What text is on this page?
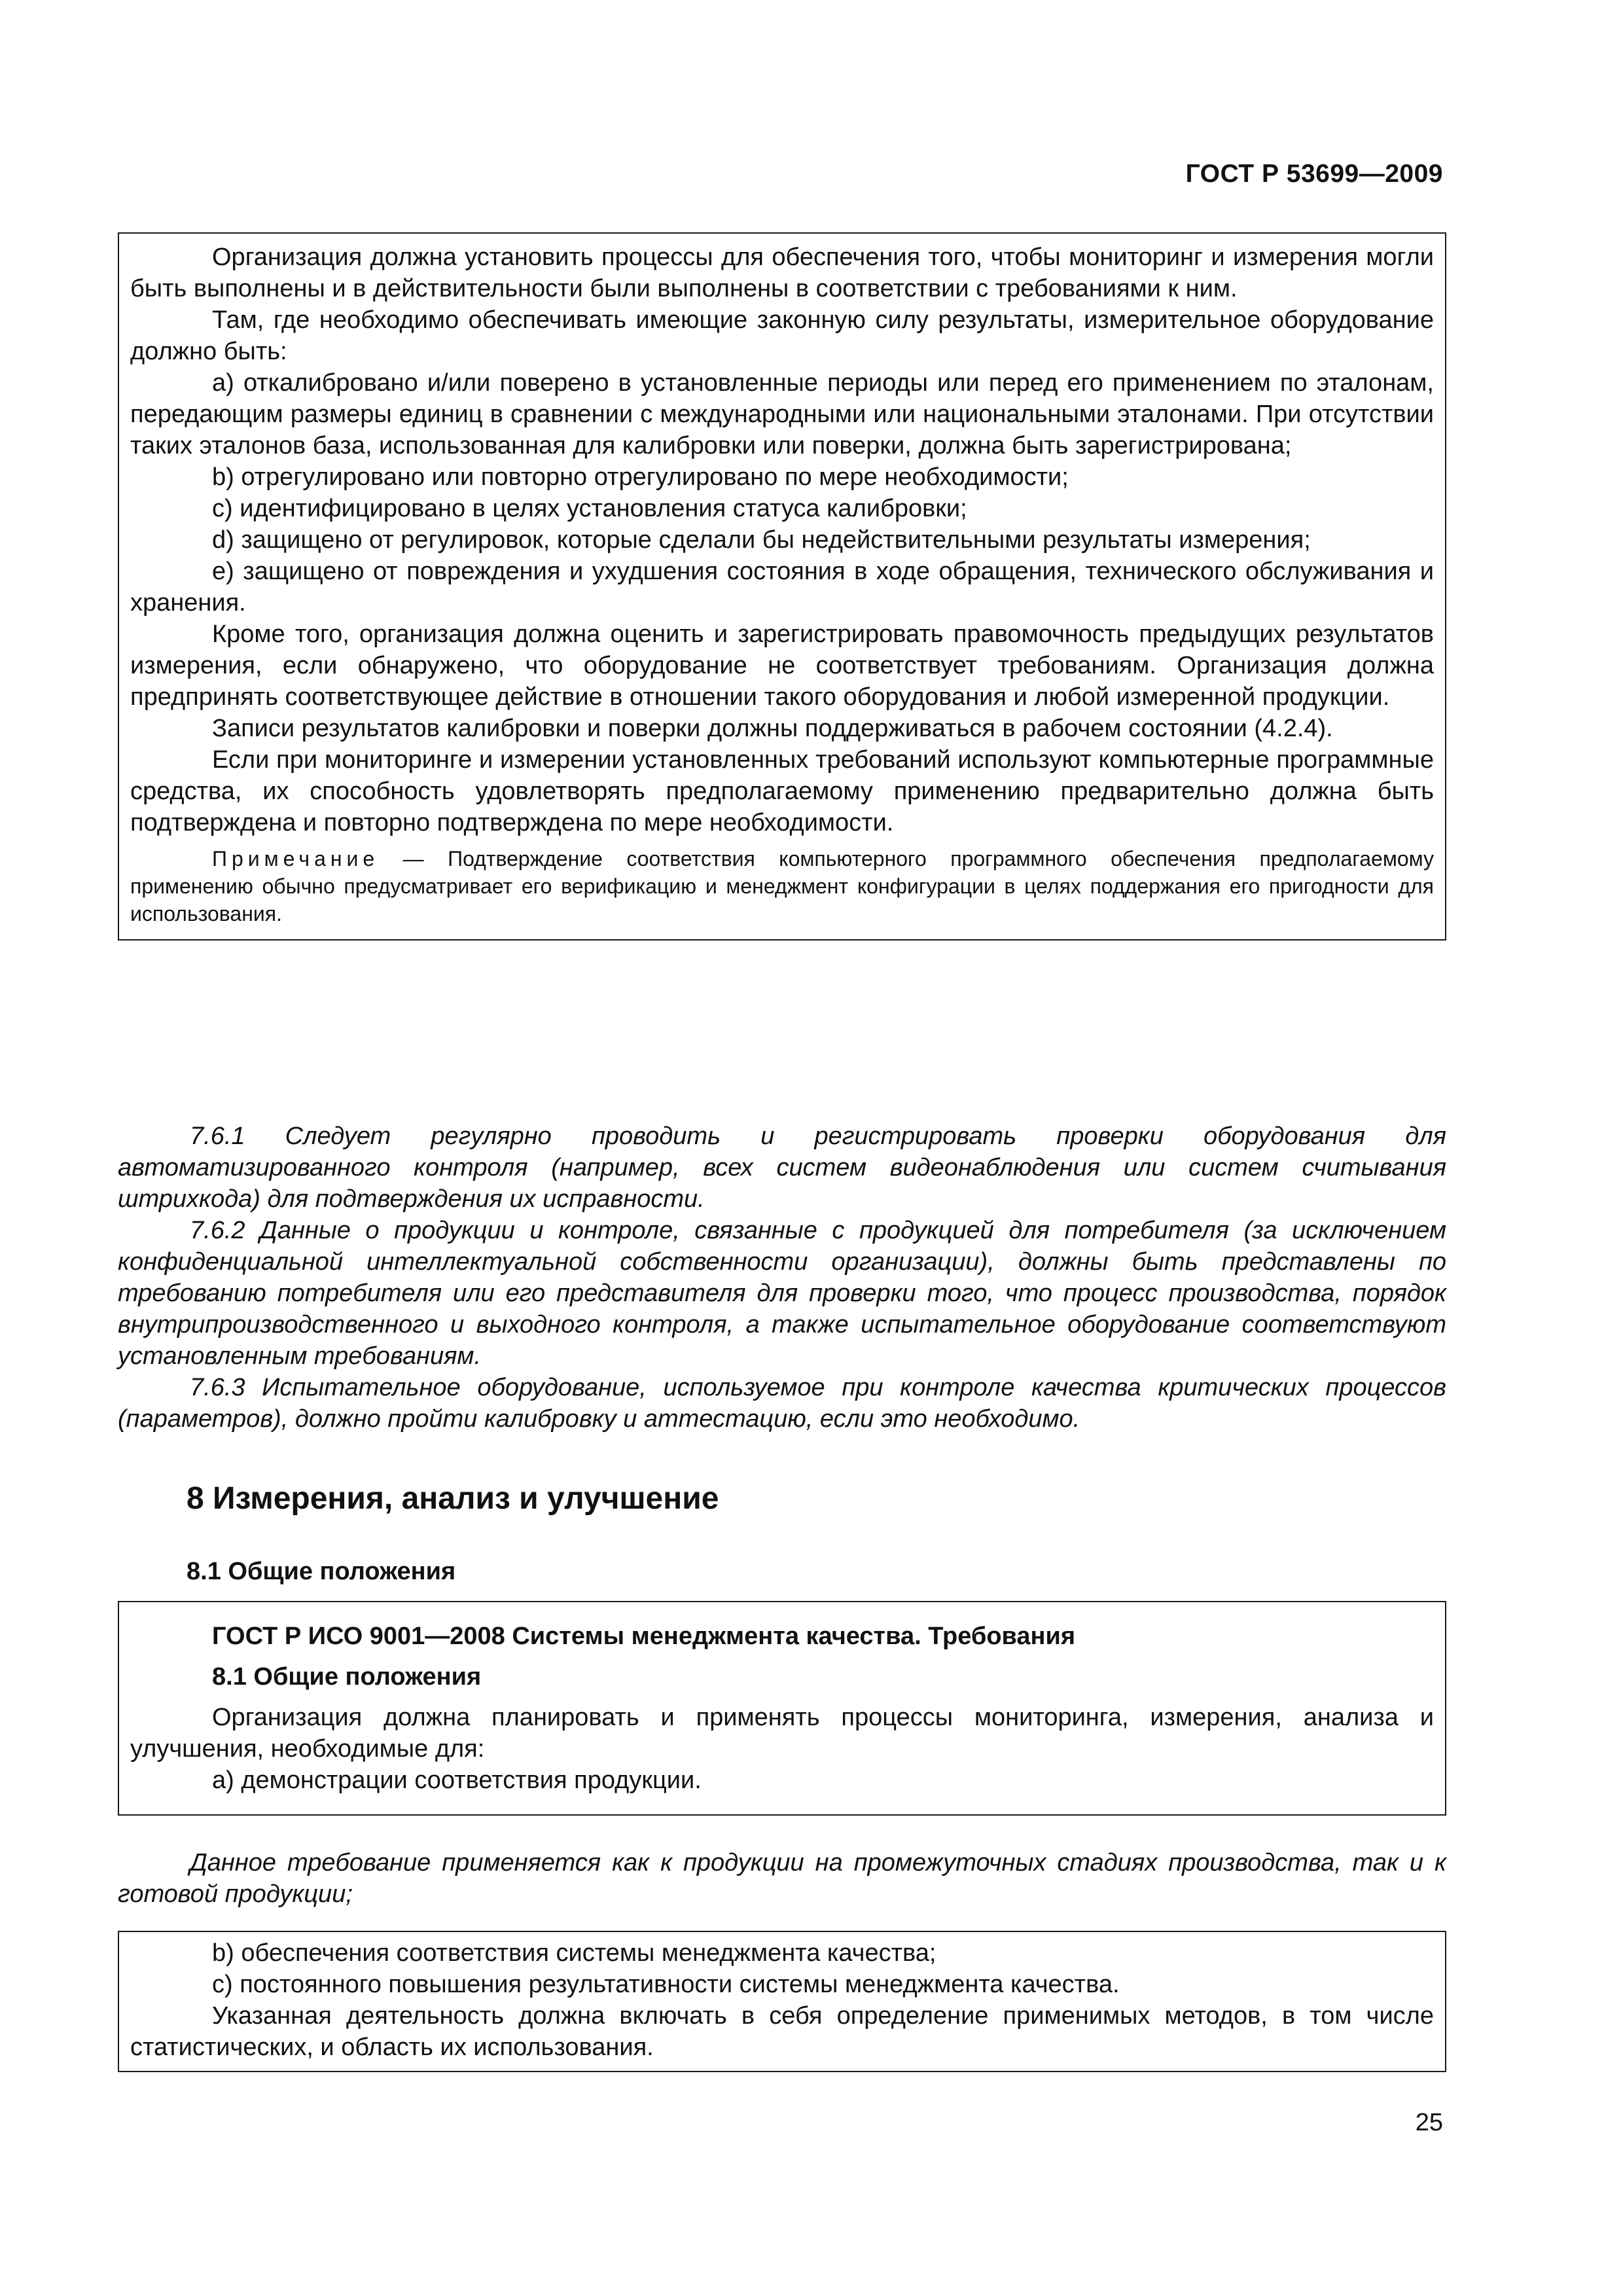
ГОСТ Р 53699—2009

Организация должна установить процессы для обеспечения того, чтобы мониторинг и измерения могли быть выполнены и в действительности были выполнены в соответствии с требованиями к ним.

Там, где необходимо обеспечивать имеющие законную силу результаты, измерительное оборудование должно быть:

a) откалибровано и/или поверено в установленные периоды или перед его применением по эталонам, передающим размеры единиц в сравнении с международными или национальными эталонами. При отсутствии таких эталонов база, использованная для калибровки или поверки, должна быть зарегистрирована;

b) отрегулировано или повторно отрегулировано по мере необходимости;

c) идентифицировано в целях установления статуса калибровки;

d) защищено от регулировок, которые сделали бы недействительными результаты измерения;

e) защищено от повреждения и ухудшения состояния в ходе обращения, технического обслуживания и хранения.

Кроме того, организация должна оценить и зарегистрировать правомочность предыдущих результатов измерения, если обнаружено, что оборудование не соответствует требованиям. Организация должна предпринять соответствующее действие в отношении такого оборудования и любой измеренной продукции.

Записи результатов калибровки и поверки должны поддерживаться в рабочем состоянии (4.2.4).

Если при мониторинге и измерении установленных требований используют компьютерные программные средства, их способность удовлетворять предполагаемому применению предварительно должна быть подтверждена и повторно подтверждена по мере необходимости.

Примечание — Подтверждение соответствия компьютерного программного обеспечения предполагаемому применению обычно предусматривает его верификацию и менеджмент конфигурации в целях поддержания его пригодности для использования.

7.6.1 Следует регулярно проводить и регистрировать проверки оборудования для автоматизированного контроля (например, всех систем видеонаблюдения или систем считывания штрихкода) для подтверждения их исправности.

7.6.2 Данные о продукции и контроле, связанные с продукцией для потребителя (за исключением конфиденциальной интеллектуальной собственности организации), должны быть представлены по требованию потребителя или его представителя для проверки того, что процесс производства, порядок внутрипроизводственного и выходного контроля, а также испытательное оборудование соответствуют установленным требованиям.

7.6.3 Испытательное оборудование, используемое при контроле качества критических процессов (параметров), должно пройти калибровку и аттестацию, если это необходимо.

8 Измерения, анализ и улучшение
8.1 Общие положения

ГОСТ Р ИСО 9001—2008 Системы менеджмента качества. Требования

8.1 Общие положения

Организация должна планировать и применять процессы мониторинга, измерения, анализа и улучшения, необходимые для:

a) демонстрации соответствия продукции.

Данное требование применяется как к продукции на промежуточных стадиях производства, так и к готовой продукции;

b) обеспечения соответствия системы менеджмента качества;

c) постоянного повышения результативности системы менеджмента качества.

Указанная деятельность должна включать в себя определение применимых методов, в том числе статистических, и область их использования.

25
